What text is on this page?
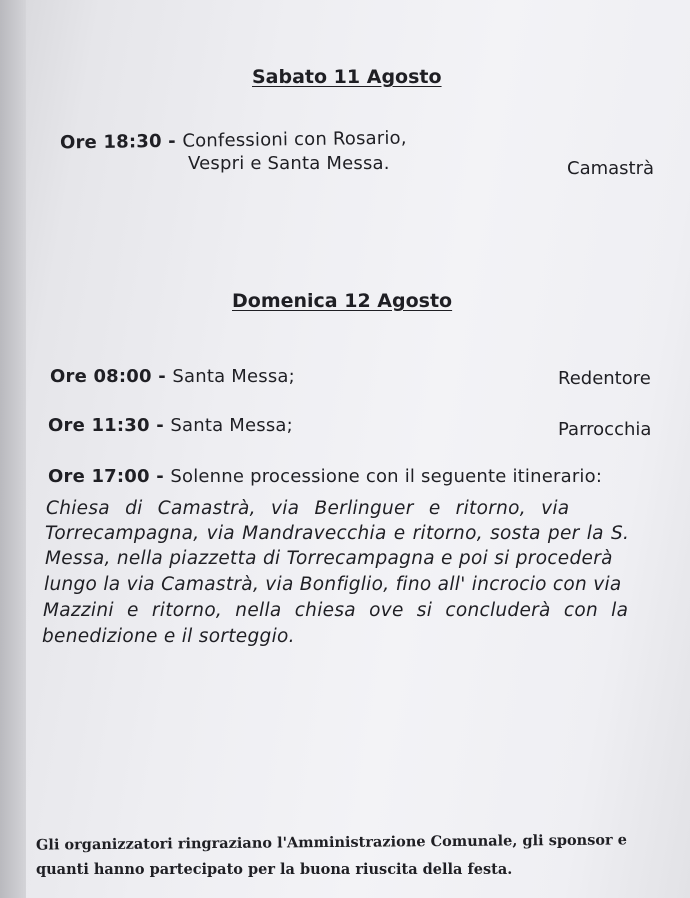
Sabato 11 Agosto
Ore 18:30 - Confessioni con Rosario,
Vespri e Santa Messa.	Camastrà
Domenica 12 Agosto
Ore 08:00 - Santa Messa;	Redentore
Ore 11:30 - Santa Messa;	Parrocchia
Ore 17:00 - Solenne processione con il seguente itinerario:
Chiesa di Camastrà, via Berlinguer e ritorno, via
Torrecampagna, via Mandravecchia e ritorno, sosta per la S.
Messa, nella piazzetta di Torrecampagna e poi si procederà
lungo la via Camastrà, via Bonfiglio, fino all' incrocio con via
Mazzini e ritorno, nella chiesa ove si concluderà con la
benedizione e il sorteggio.
Gli organizzatori ringraziano l'Amministrazione Comunale, gli sponsor e
quanti hanno partecipato per la buona riuscita della festa.
